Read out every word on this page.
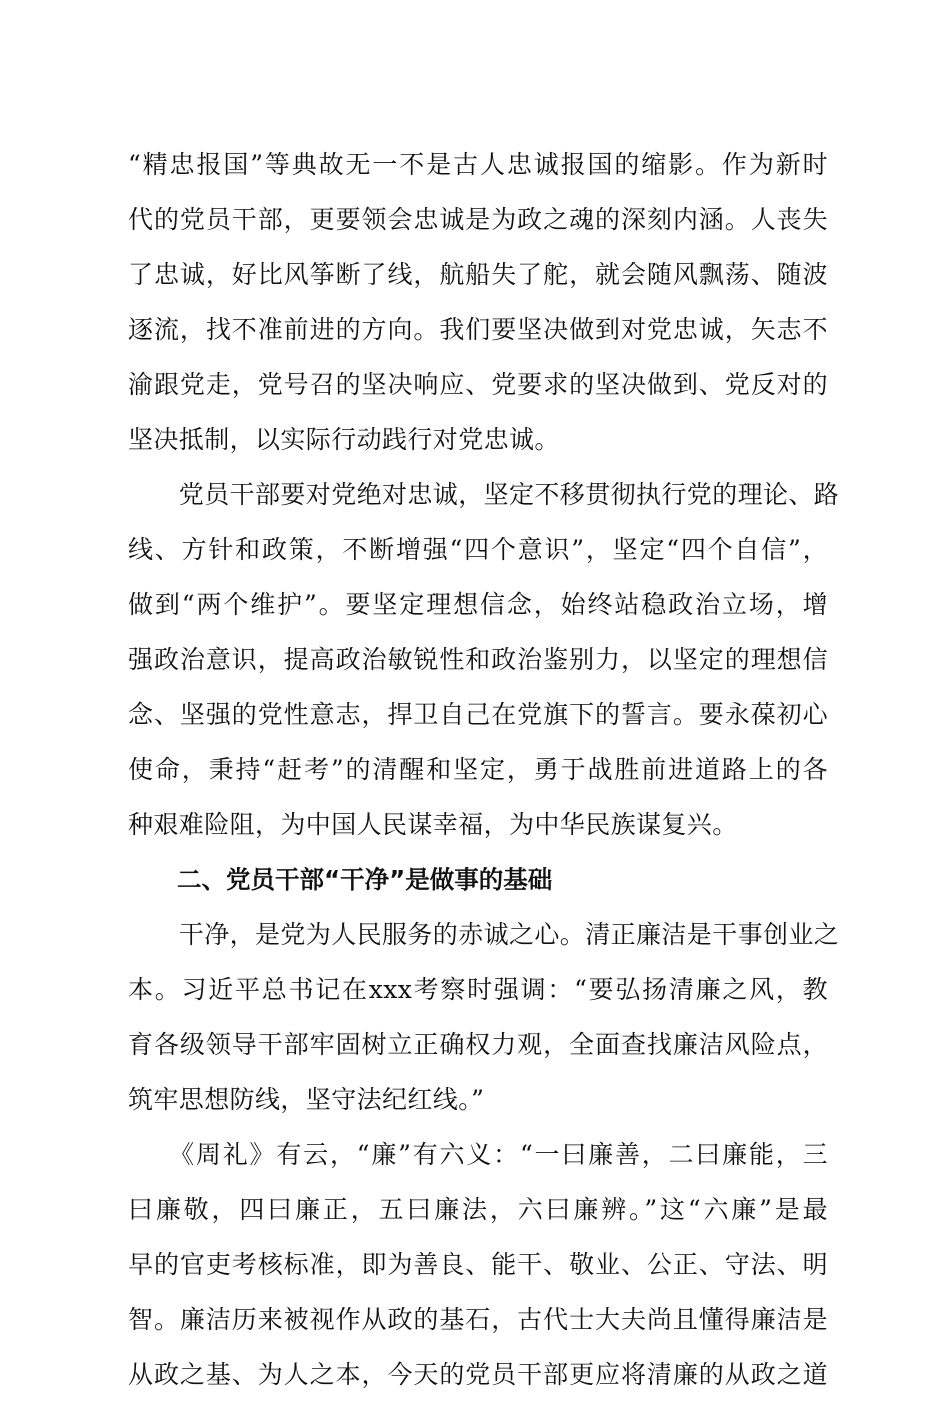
“精忠报国”等典故无一不是古人忠诚报国的缩影。作为新时
代的党员干部，更要领会忠诚是为政之魂的深刻内涵。人丧失
了忠诚，好比风筝断了线，航船失了舵，就会随风飘荡、随波
逐流，找不准前进的方向。我们要坚决做到对党忠诚，矢志不
渝跟党走，党号召的坚决响应、党要求的坚决做到、党反对的
坚决抵制，以实际行动践行对党忠诚。
　　党员干部要对党绝对忠诚，坚定不移贯彻执行党的理论、路
线、方针和政策，不断增强“四个意识”，坚定“四个自信”，
做到“两个维护”。要坚定理想信念，始终站稳政治立场，增
强政治意识，提高政治敏锐性和政治鉴别力，以坚定的理想信
念、坚强的党性意志，捍卫自己在党旗下的誓言。要永葆初心
使命，秉持“赶考”的清醒和坚定，勇于战胜前进道路上的各
种艰难险阻，为中国人民谋幸福，为中华民族谋复兴。
　　二、党员干部“干净”是做事的基础
　　干净，是党为人民服务的赤诚之心。清正廉洁是干事创业之
本。习近平总书记在xxx考察时强调：“要弘扬清廉之风，教
育各级领导干部牢固树立正确权力观，全面查找廉洁风险点，
筑牢思想防线，坚守法纪红线。”
　　《周礼》有云，“廉”有六义：“一曰廉善，二曰廉能，三
曰廉敬，四曰廉正，五曰廉法，六曰廉辨。”这“六廉”是最
早的官吏考核标准，即为善良、能干、敬业、公正、守法、明
智。廉洁历来被视作从政的基石，古代士大夫尚且懂得廉洁是
从政之基、为人之本，今天的党员干部更应将清廉的从政之道
